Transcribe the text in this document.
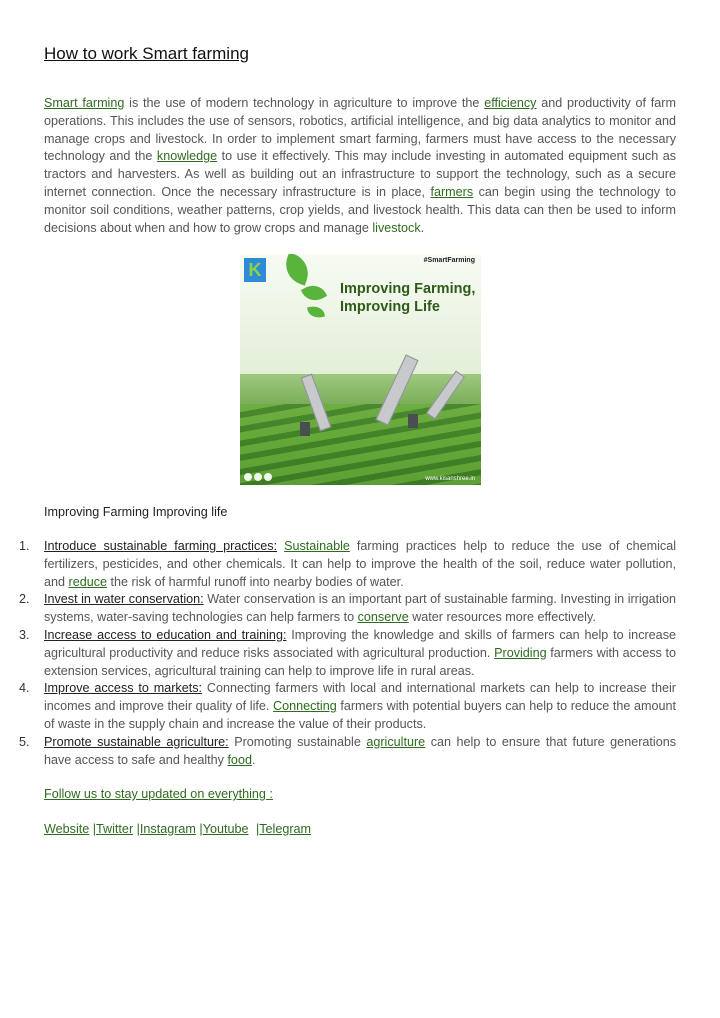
How to work Smart farming

Smart farming is the use of modern technology in agriculture to improve the efficiency and productivity of farm operations. This includes the use of sensors, robotics, artificial intelligence, and big data analytics to monitor and manage crops and livestock. In order to implement smart farming, farmers must have access to the necessary technology and the knowledge to use it effectively. This may include investing in automated equipment such as tractors and harvesters. As well as building out an infrastructure to support the technology, such as a secure internet connection. Once the necessary infrastructure is in place, farmers can begin using the technology to monitor soil conditions, weather patterns, crop yields, and livestock health. This data can then be used to inform decisions about when and how to grow crops and manage livestock.

K	#SmartFarming
Improving Farming,
Improving Life
www.kisanshree.in

Improving Farming Improving life

1. Introduce sustainable farming practices: Sustainable farming practices help to reduce the use of chemical fertilizers, pesticides, and other chemicals. It can help to improve the health of the soil, reduce water pollution, and reduce the risk of harmful runoff into nearby bodies of water.
2. Invest in water conservation: Water conservation is an important part of sustainable farming. Investing in irrigation systems, water-saving technologies can help farmers to conserve water resources more effectively.
3. Increase access to education and training: Improving the knowledge and skills of farmers can help to increase agricultural productivity and reduce risks associated with agricultural production. Providing farmers with access to extension services, agricultural training can help to improve life in rural areas.
4. Improve access to markets: Connecting farmers with local and international markets can help to increase their incomes and improve their quality of life. Connecting farmers with potential buyers can help to reduce the amount of waste in the supply chain and increase the value of their products.
5. Promote sustainable agriculture: Promoting sustainable agriculture can help to ensure that future generations have access to safe and healthy food.

Follow us to stay updated on everything :

Website |Twitter |Instagram |Youtube |Telegram
